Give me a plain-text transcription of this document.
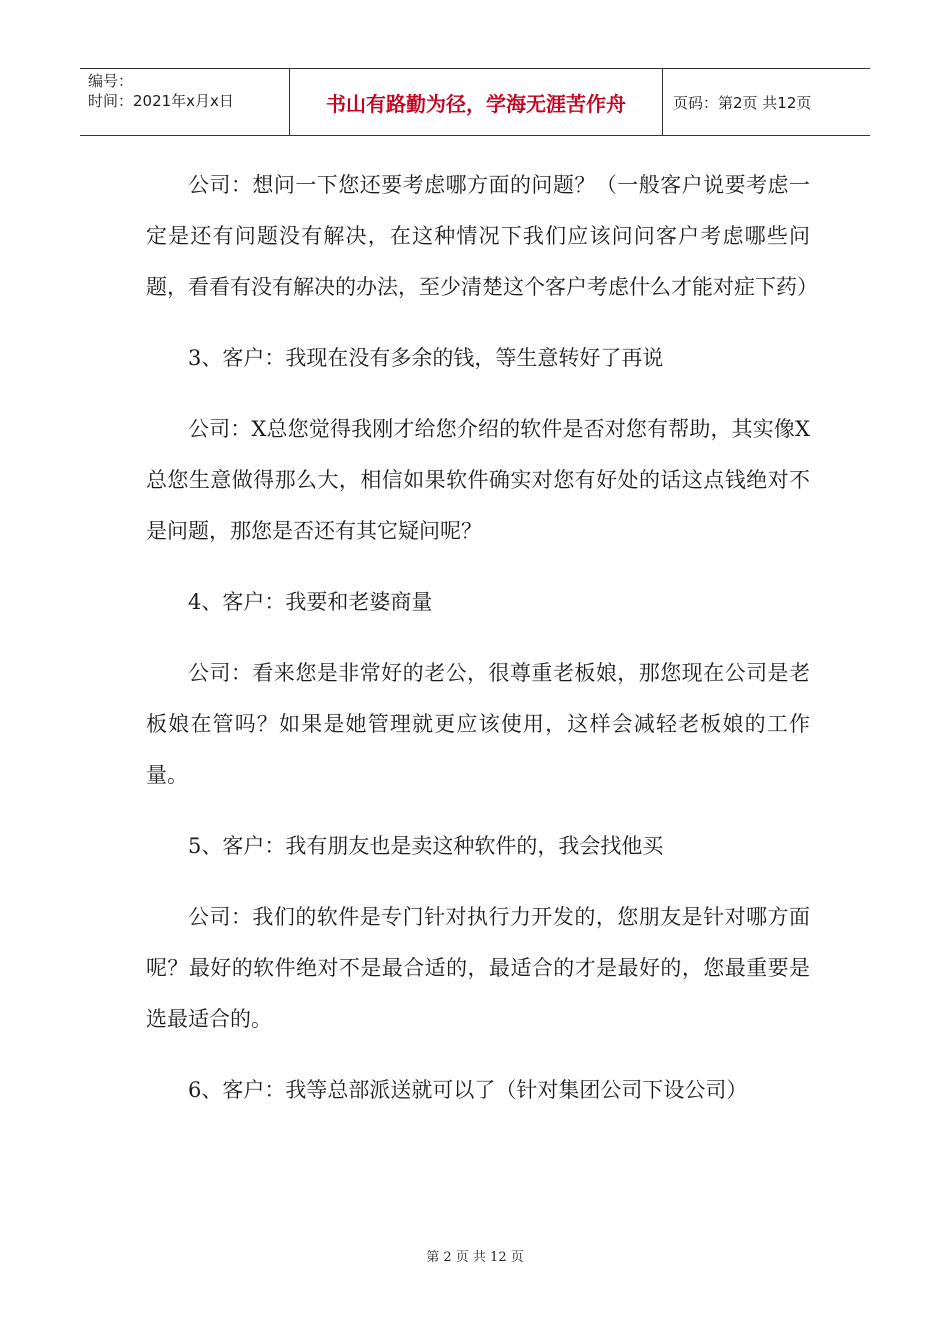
编号：
时间：2021年x月x日	书山有路勤为径，学海无涯苦作舟	页码：第2页 共12页

公司：想问一下您还要考虑哪方面的问题？（一般客户说要考虑一定是还有问题没有解决，在这种情况下我们应该问问客户考虑哪些问题，看看有没有解决的办法，至少清楚这个客户考虑什么才能对症下药）

3、客户：我现在没有多余的钱，等生意转好了再说

公司：X总您觉得我刚才给您介绍的软件是否对您有帮助，其实像X总您生意做得那么大，相信如果软件确实对您有好处的话这点钱绝对不是问题，那您是否还有其它疑问呢？

4、客户：我要和老婆商量

公司：看来您是非常好的老公，很尊重老板娘，那您现在公司是老板娘在管吗？如果是她管理就更应该使用，这样会减轻老板娘的工作量。

5、客户：我有朋友也是卖这种软件的，我会找他买

公司：我们的软件是专门针对执行力开发的，您朋友是针对哪方面呢？最好的软件绝对不是最合适的，最适合的才是最好的，您最重要是选最适合的。

6、客户：我等总部派送就可以了（针对集团公司下设公司）

第 2 页 共 12 页
